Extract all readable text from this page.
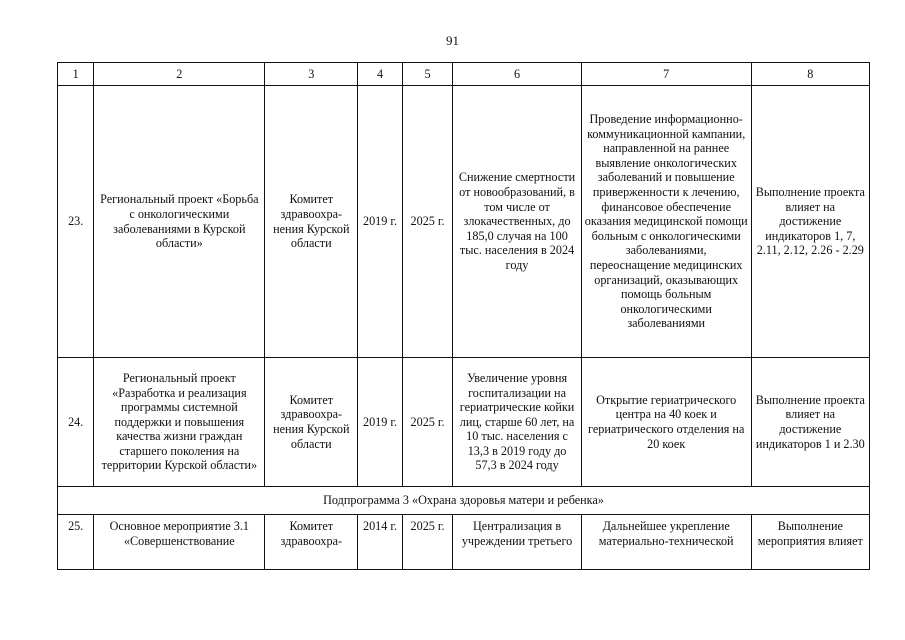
91
1	2	3	4	5	6	7	8
23.	Региональный проект «Борьба с онкологическими заболеваниями в Курской области»	Комитет здравоохра-нения Курской области	2019 г.	2025 г.	Снижение смертности от новообразований, в том числе от злокачественных, до 185,0 случая на 100 тыс. населения в 2024 году	Проведение информационно-коммуникационной кампании, направленной на раннее выявление онкологических заболеваний и повышение приверженности к лечению, финансовое обеспечение оказания медицинской помощи больным с онкологическими заболеваниями, переоснащение медицинских организаций, оказывающих помощь больным онкологическими заболеваниями	Выполнение проекта влияет на достижение индикаторов 1, 7, 2.11, 2.12, 2.26 - 2.29
24.	Региональный проект «Разработка и реализация программы системной поддержки и повышения качества жизни граждан старшего поколения на территории Курской области»	Комитет здравоохра-нения Курской области	2019 г.	2025 г.	Увеличение уровня госпитализации на гериатрические койки лиц, старше 60 лет, на 10 тыс. населения с 13,3 в 2019 году до 57,3 в 2024 году	Открытие гериатрического центра на 40 коек и гериатрического отделения на 20 коек	Выполнение проекта влияет на достижение индикаторов 1 и 2.30
Подпрограмма 3 «Охрана здоровья матери и ребенка»							
25.	Основное мероприятие 3.1 «Совершенствование	Комитет здравоохра-	2014 г.	2025 г.	Централизация в учреждении третьего	Дальнейшее укрепление материально-технической	Выполнение мероприятия влияет
